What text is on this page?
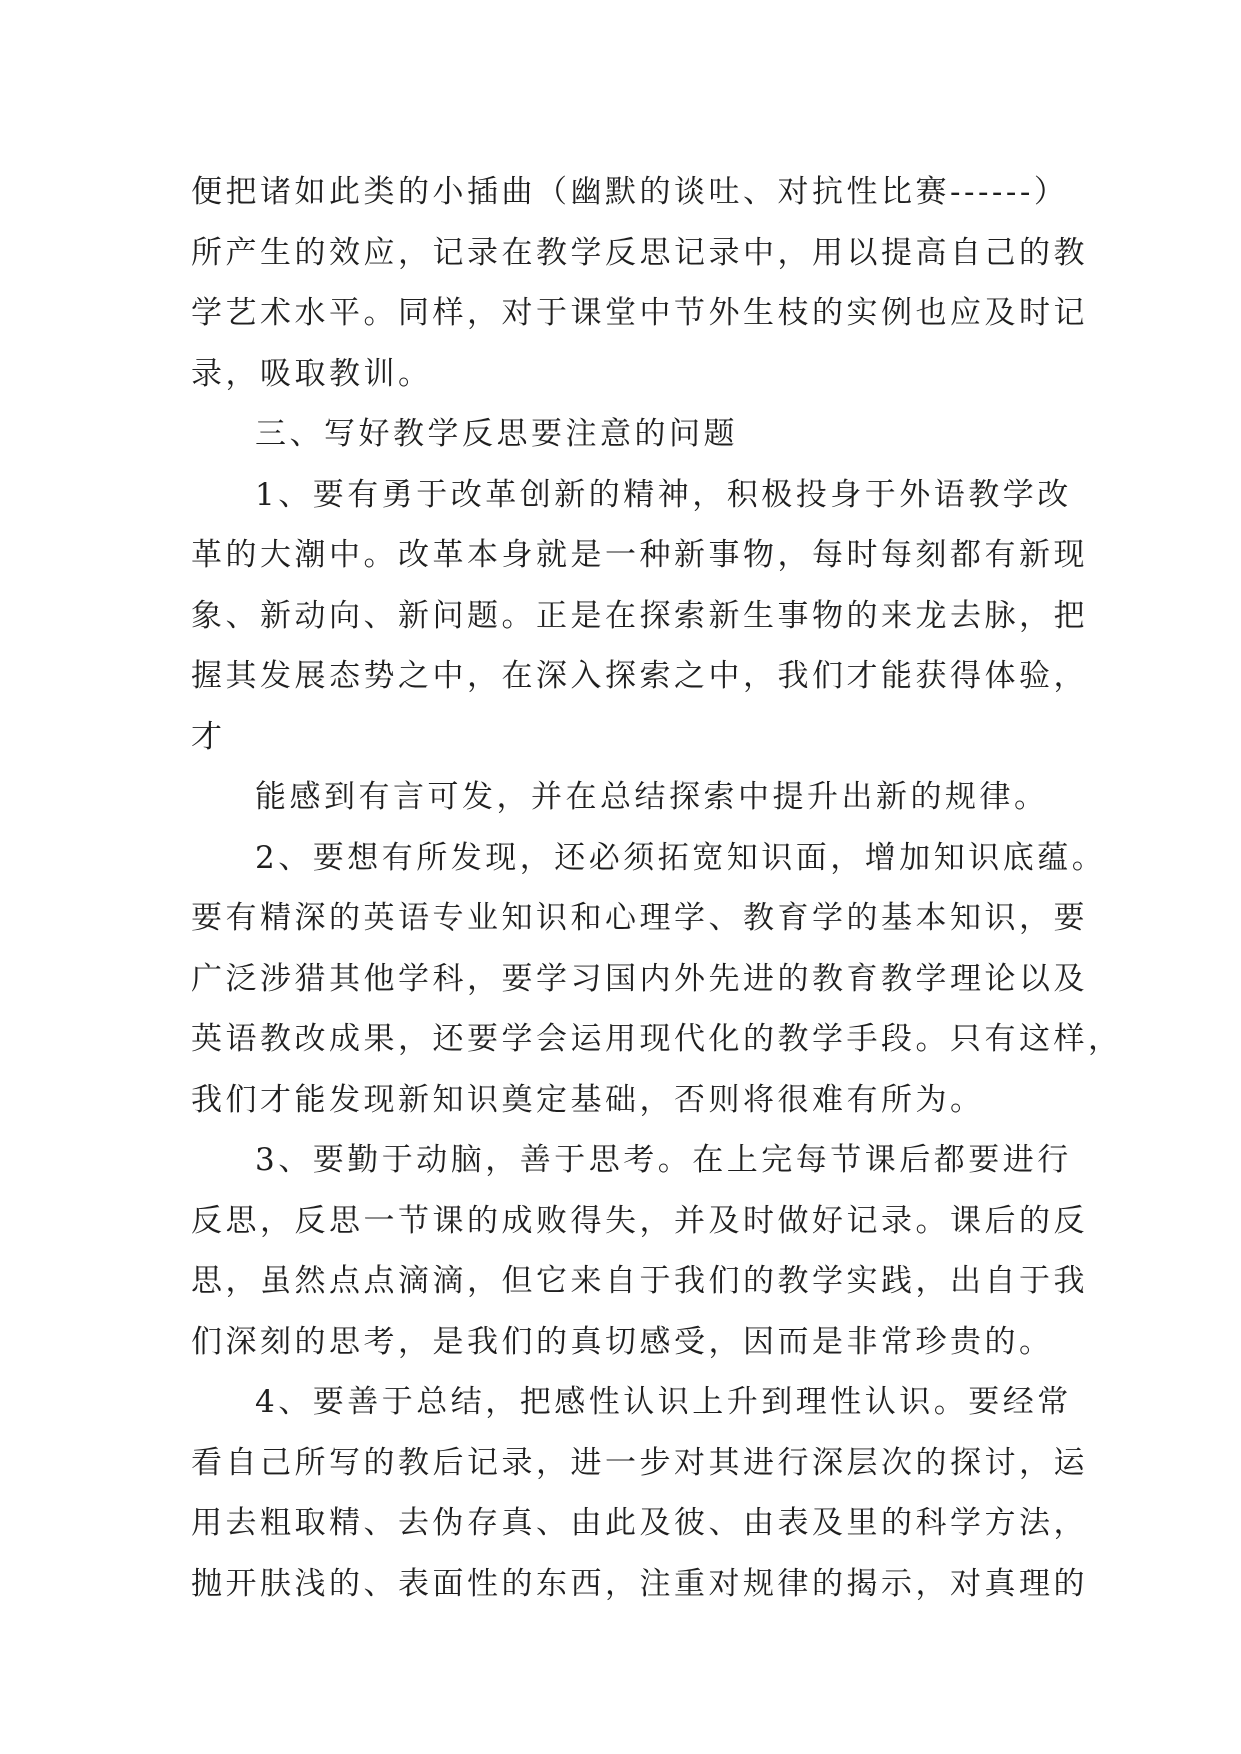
便把诸如此类的小插曲（幽默的谈吐、对抗性比赛------）
所产生的效应，记录在教学反思记录中，用以提高自己的教
学艺术水平。同样，对于课堂中节外生枝的实例也应及时记
录，吸取教训。
三、写好教学反思要注意的问题
1、要有勇于改革创新的精神，积极投身于外语教学改
革的大潮中。改革本身就是一种新事物，每时每刻都有新现
象、新动向、新问题。正是在探索新生事物的来龙去脉，把
握其发展态势之中，在深入探索之中，我们才能获得体验，
才
能感到有言可发，并在总结探索中提升出新的规律。
2、要想有所发现，还必须拓宽知识面，增加知识底蕴。
要有精深的英语专业知识和心理学、教育学的基本知识，要
广泛涉猎其他学科，要学习国内外先进的教育教学理论以及
英语教改成果，还要学会运用现代化的教学手段。只有这样，
我们才能发现新知识奠定基础，否则将很难有所为。
3、要勤于动脑，善于思考。在上完每节课后都要进行
反思，反思一节课的成败得失，并及时做好记录。课后的反
思，虽然点点滴滴，但它来自于我们的教学实践，出自于我
们深刻的思考，是我们的真切感受，因而是非常珍贵的。
4、要善于总结，把感性认识上升到理性认识。要经常
看自己所写的教后记录，进一步对其进行深层次的探讨，运
用去粗取精、去伪存真、由此及彼、由表及里的科学方法，
抛开肤浅的、表面性的东西，注重对规律的揭示，对真理的
